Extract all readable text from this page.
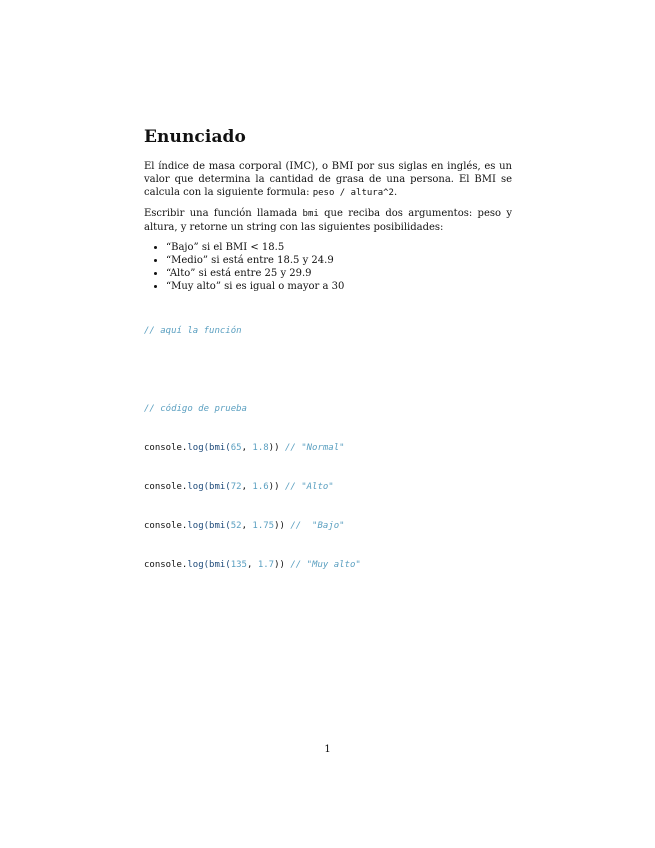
Enunciado

El índice de masa corporal (IMC), o BMI por sus siglas en inglés, es un valor que determina la cantidad de grasa de una persona. El BMI se calcula con la siguiente formula: peso / altura^2.

Escribir una función llamada bmi que reciba dos argumentos: peso y altura, y retorne un string con las siguientes posibilidades:

• “Bajo” si el BMI < 18.5
• “Medio” si está entre 18.5 y 24.9
• “Alto” si está entre 25 y 29.9
• “Muy alto” si es igual o mayor a 30

// aquí la función

// código de prueba

console.log(bmi(65, 1.8)) // "Normal"

console.log(bmi(72, 1.6)) // "Alto"

console.log(bmi(52, 1.75)) //  "Bajo"

console.log(bmi(135, 1.7)) // "Muy alto"

1
